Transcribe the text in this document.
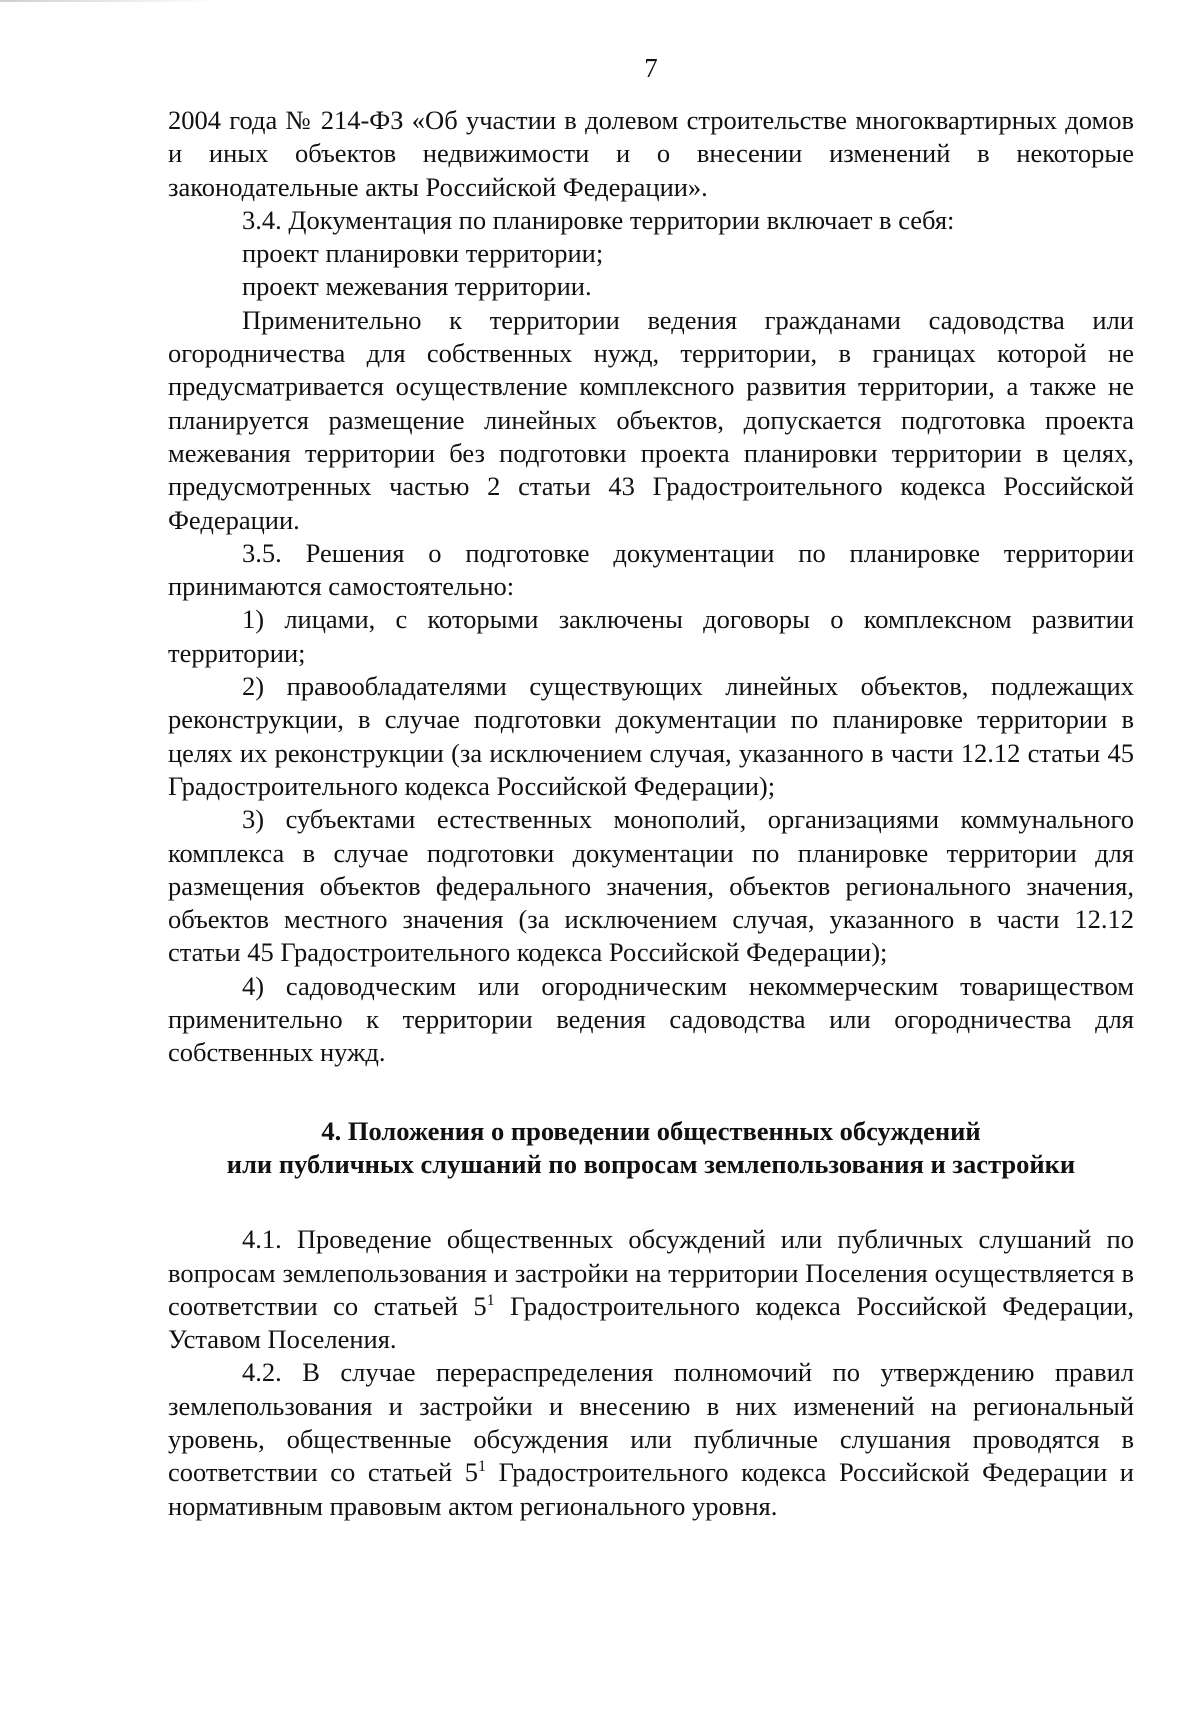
7

2004 года № 214-ФЗ «Об участии в долевом строительстве многоквартирных домов и иных объектов недвижимости и о внесении изменений в некоторые законодательные акты Российской Федерации».

3.4. Документация по планировке территории включает в себя:

проект планировки территории;

проект межевания территории.

Применительно к территории ведения гражданами садоводства или огородничества для собственных нужд, территории, в границах которой не предусматривается осуществление комплексного развития территории, а также не планируется размещение линейных объектов, допускается подготовка проекта межевания территории без подготовки проекта планировки территории в целях, предусмотренных частью 2 статьи 43 Градостроительного кодекса Российской Федерации.

3.5. Решения о подготовке документации по планировке территории принимаются самостоятельно:

1) лицами, с которыми заключены договоры о комплексном развитии территории;

2) правообладателями существующих линейных объектов, подлежащих реконструкции, в случае подготовки документации по планировке территории в целях их реконструкции (за исключением случая, указанного в части 12.12 статьи 45 Градостроительного кодекса Российской Федерации);

3) субъектами естественных монополий, организациями коммунального комплекса в случае подготовки документации по планировке территории для размещения объектов федерального значения, объектов регионального значения, объектов местного значения (за исключением случая, указанного в части 12.12 статьи 45 Градостроительного кодекса Российской Федерации);

4) садоводческим или огородническим некоммерческим товариществом применительно к территории ведения садоводства или огородничества для собственных нужд.

4. Положения о проведении общественных обсуждений

или публичных слушаний по вопросам землепользования и застройки

4.1. Проведение общественных обсуждений или публичных слушаний по вопросам землепользования и застройки на территории Поселения осуществляется в соответствии со статьей $5^1$ Градостроительного кодекса Российской Федерации, Уставом Поселения.

4.2. В случае перераспределения полномочий по утверждению правил землепользования и застройки и внесению в них изменений на региональный уровень, общественные обсуждения или публичные слушания проводятся в соответствии со статьей $5^1$ Градостроительного кодекса Российской Федерации и нормативным правовым актом регионального уровня.
